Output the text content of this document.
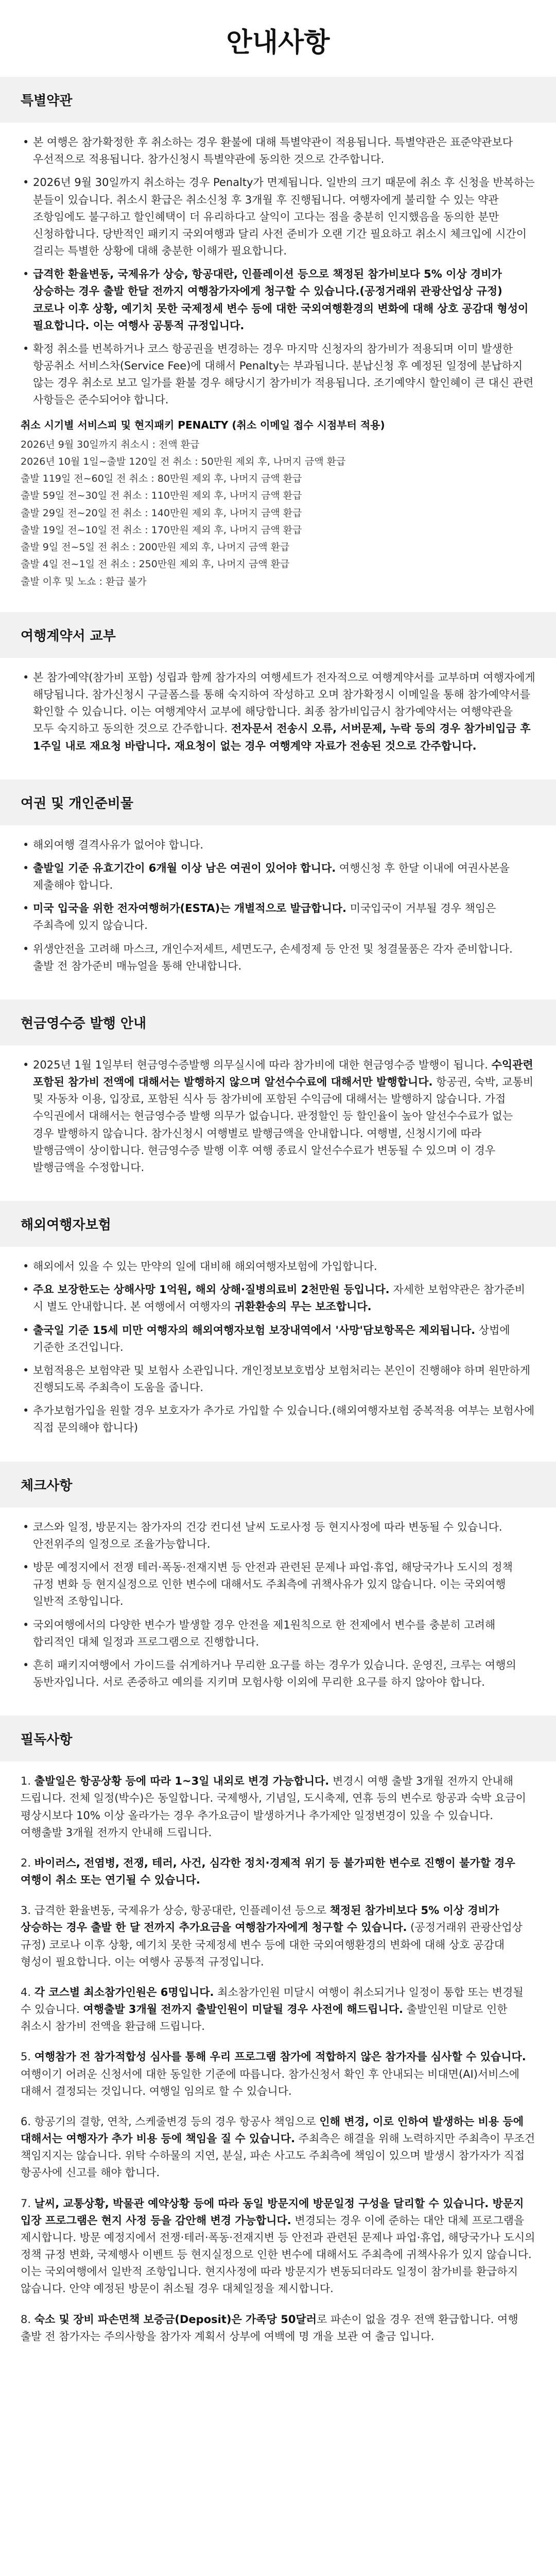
안내사항
특별약관
• 본 여행은 참가확정한 후 취소하는 경우 환불에 대해 특별약관이 적용됩니다. 특별약관은 표준약관보다 우선적으로 적용됩니다. 참가신청시 특별약관에 동의한 것으로 간주합니다.
• 2026년 9월 30일까지 취소하는 경우 Penalty가 면제됩니다. 일반의 크기 때문에 취소 후 신청을 반복하는 분들이 있습니다. 취소시 환급은 취소신청 후 3개월 후 진행됩니다. 여행자에게 불리할 수 있는 약관 조항임에도 불구하고 할인혜택이 더 유리하다고 살익이 고다는 점을 충분히 인지했음을 동의한 분만 신청하합니다. 당반적인 패키지 국외여행과 달리 사전 준비가 오랜 기간 필요하고 취소시 체크입에 시간이 걸리는 특별한 상황에 대해 충분한 이해가 필요합니다.
• 급격한 환율변동, 국제유가 상승, 항공대란, 인플레이션 등으로 책정된 참가비보다 5% 이상 경비가 상승하는 경우 출발 한달 전까지 여행참가자에게 청구할 수 있습니다.(공정거래위 관광산업상 규정) 코로나 이후 상황, 예기치 못한 국제정세 변수 등에 대한 국외여행환경의 변화에 대해 상호 공감대 형성이 필요합니다. 이는 여행사 공통적 규정입니다.
• 확정 취소를 번복하거나 코스 항공권을 변경하는 경우 마지막 신청자의 참가비가 적용되며 이미 발생한 항공취소 서비스차(Service Fee)에 대해서 Penalty는 부과됩니다. 분납신청 후 예정된 일정에 분납하지 않는 경우 취소로 보고 일가를 환불 경우 해당시기 참가비가 적용됩니다. 조기예약시 할인혜이 큰 대신 관련 사항들은 준수되어야 합니다.
취소 시기별 서비스피 및 현지패키 PENALTY (취소 이메일 접수 시점부터 적용)
2026년 9월 30일까지 취소시 : 전액 환급
2026년 10월 1일~출발 120일 전 취소 : 50만원 제외 후, 나머지 금액 환급
출발 119일 전~60일 전 취소 : 80만원 제외 후, 나머지 금액 환급
출발 59일 전~30일 전 취소 : 110만원 제외 후, 나머지 금액 환급
출발 29일 전~20일 전 취소 : 140만원 제외 후, 나머지 금액 환급
출발 19일 전~10일 전 취소 : 170만원 제외 후, 나머지 금액 환급
출발 9일 전~5일 전 취소 : 200만원 제외 후, 나머지 금액 환급
출발 4일 전~1일 전 취소 : 250만원 제외 후, 나머지 금액 환급
출발 이후 및 노쇼 : 환급 불가
여행계약서 교부
• 본 참가예약(참가비 포함) 성립과 함께 참가자의 여행세트가 전자적으로 여행계약서를 교부하며 여행자에게 해당됩니다. 참가신청시 구글폼스를 통해 숙지하여 작성하고 오며 참가확정시 이메일을 통해 참가예약서를 확인할 수 있습니다. 이는 여행계약서 교부에 해당합니다. 최종 참가비입금시 참가예약서는 여행약관을 모두 숙지하고 동의한 것으로 간주합니다. 전자문서 전송시 오류, 서버문제, 누락 등의 경우 참가비입금 후 1주일 내로 재요청 바랍니다. 재요청이 없는 경우 여행계약 자료가 전송된 것으로 간주합니다.
여권 및 개인준비물
• 해외여행 결격사유가 없어야 합니다.
• 출발일 기준 유효기간이 6개월 이상 남은 여권이 있어야 합니다. 여행신청 후 한달 이내에 여권사본을 제출해야 합니다.
• 미국 입국을 위한 전자여행허가(ESTA)는 개별적으로 발급합니다. 미국입국이 거부될 경우 책임은 주최측에 있지 않습니다.
• 위생안전을 고려해 마스크, 개인수저세트, 세면도구, 손세정제 등 안전 및 청결물품은 각자 준비합니다. 출발 전 참가준비 매뉴얼을 통해 안내합니다.
현금영수증 발행 안내
• 2025년 1월 1일부터 현금영수증발행 의무실시에 따라 참가비에 대한 현금영수증 발행이 됩니다. 수익관련 포함된 참가비 전액에 대해서는 발행하지 않으며 알선수수료에 대해서만 발행합니다. 항공권, 숙박, 교통비 및 자동차 이용, 입장료, 포함된 식사 등 참가비에 포함된 수익금에 대해서는 발행하지 않습니다. 가접 수익권에서 대해서는 현금영수증 발행 의무가 없습니다. 판정할인 등 할인율이 높아 알선수수료가 없는 경우 발행하지 않습니다. 참가신청시 여행별로 발행금액을 안내합니다. 여행별, 신청시기에 따라 발행금액이 상이합니다. 현금영수증 발행 이후 여행 종료시 알선수수료가 변동될 수 있으며 이 경우 발행금액을 수정합니다.
해외여행자보험
• 해외에서 있을 수 있는 만약의 일에 대비해 해외여행자보험에 가입합니다.
• 주요 보장한도는 상해사망 1억원, 해외 상해·질병의료비 2천만원 등입니다. 자세한 보험약관은 참가준비 시 별도 안내합니다. 본 여행에서 여행자의 귀환환송의 무는 보조합니다.
• 출국일 기준 15세 미만 여행자의 해외여행자보험 보장내역에서 '사망'담보항목은 제외됩니다. 상법에 기준한 조건입니다.
• 보험적용은 보험약관 및 보험사 소관입니다. 개인정보보호법상 보험처리는 본인이 진행해야 하며 원만하게 진행되도록 주최측이 도움을 줍니다.
• 추가보험가입을 원할 경우 보호자가 추가로 가입할 수 있습니다.(해외여행자보험 중복적용 여부는 보험사에 직접 문의해야 합니다)
체크사항
• 코스와 일정, 방문지는 참가자의 건강 컨디션 날씨 도로사정 등 현지사정에 따라 변동될 수 있습니다. 안전위주의 일정으로 조율가능합니다.
• 방문 예정지에서 전쟁 테러·폭동·전재지변 등 안전과 관련된 문제나 파업·휴업, 해당국가나 도시의 정책 규정 변화 등 현지실정으로 인한 변수에 대해서도 주최측에 귀책사유가 있지 않습니다. 이는 국외여행 일반적 조항입니다.
• 국외여행에서의 다양한 변수가 발생할 경우 안전을 제1원칙으로 한 전제에서 변수를 충분히 고려해 합리적인 대체 일정과 프로그램으로 진행합니다.
• 흔히 패키지여행에서 가이드를 쉬게하거나 무리한 요구를 하는 경우가 있습니다. 운영진, 크루는 여행의 동반자입니다. 서로 존중하고 예의를 지키며 모험사항 이외에 무리한 요구를 하지 않아야 합니다.
필독사항
1. 출발일은 항공상황 등에 따라 1~3일 내외로 변경 가능합니다. 변경시 여행 출발 3개월 전까지 안내해 드립니다. 전체 일정(박수)은 동일합니다. 국제행사, 기념일, 도시축제, 연휴 등의 변수로 항공과 숙박 요금이 평상시보다 10% 이상 올라가는 경우 추가요금이 발생하거나 추가제안 일정변경이 있을 수 있습니다. 여행출발 3개월 전까지 안내해 드립니다.
2. 바이러스, 전염병, 전쟁, 테러, 사건, 심각한 정치·경제적 위기 등 불가피한 변수로 진행이 불가할 경우 여행이 취소 또는 연기될 수 있습니다.
3. 급격한 환율변동, 국제유가 상승, 항공대란, 인플레이션 등으로 책정된 참가비보다 5% 이상 경비가 상승하는 경우 출발 한 달 전까지 추가요금을 여행참가자에게 청구할 수 있습니다. (공정거래위 관광산업상 규정) 코로나 이후 상황, 예기치 못한 국제정세 변수 등에 대한 국외여행환경의 변화에 대해 상호 공감대 형성이 필요합니다. 이는 여행사 공통적 규정입니다.
4. 각 코스별 최소참가인원은 6명입니다. 최소참가인원 미달시 여행이 취소되거나 일정이 통합 또는 변경될 수 있습니다. 여행출발 3개월 전까지 출발인원이 미달될 경우 사전에 해드립니다. 출발인원 미달로 인한 취소시 참가비 전액을 환급해 드립니다.
5. 여행참가 전 참가적합성 심사를 통해 우리 프로그램 참가에 적합하지 않은 참가자를 심사할 수 있습니다. 여행이기 어려운 신청서에 대한 동일한 기준에 따릅니다. 참가신청서 확인 후 안내되는 비대면(AI)서비스에 대해서 결정되는 것입니다. 여행일 임의로 할 수 있습니다.
6. 항공기의 결항, 연착, 스케줄변경 등의 경우 항공사 책임으로 인해 변경, 이로 인하여 발생하는 비용 등에 대해서는 여행자가 추가 비용 등에 책임을 질 수 있습니다. 주최측은 해결을 위해 노력하지만 주최측이 무조건 책임지지는 않습니다. 위탁 수하물의 지연, 분실, 파손 사고도 주최측에 책임이 있으며 발생시 참가자가 직접 항공사에 신고를 해야 합니다.
7. 날씨, 교통상황, 박물관 예약상황 등에 따라 동일 방문지에 방문일정 구성을 달리할 수 있습니다. 방문지 입장 프로그램은 현지 사정 등을 감안해 변경 가능합니다. 변경되는 경우 이에 준하는 대안 대체 프로그램을 제시합니다. 방문 예정지에서 전쟁·테러·폭동·전재지변 등 안전과 관련된 문제나 파업·휴업, 해당국가나 도시의 정책 규정 변화, 국제행사 이벤트 등 현지실정으로 인한 변수에 대해서도 주최측에 귀책사유가 있지 않습니다. 이는 국외여행에서 일반적 조항입니다. 현지사정에 따라 방문지가 변동되더라도 일정이 참가비를 환급하지 않습니다. 안약 예정된 방문이 취소될 경우 대체일정을 제시합니다.
8. 숙소 및 장비 파손면책 보증금(Deposit)은 가족당 50달러로 파손이 없을 경우 전액 환급합니다. 여행 출발 전 참가자는 주의사항을 참가자 계획서 상부에 여백에 명 개을 보관 여 출금 입니다.
